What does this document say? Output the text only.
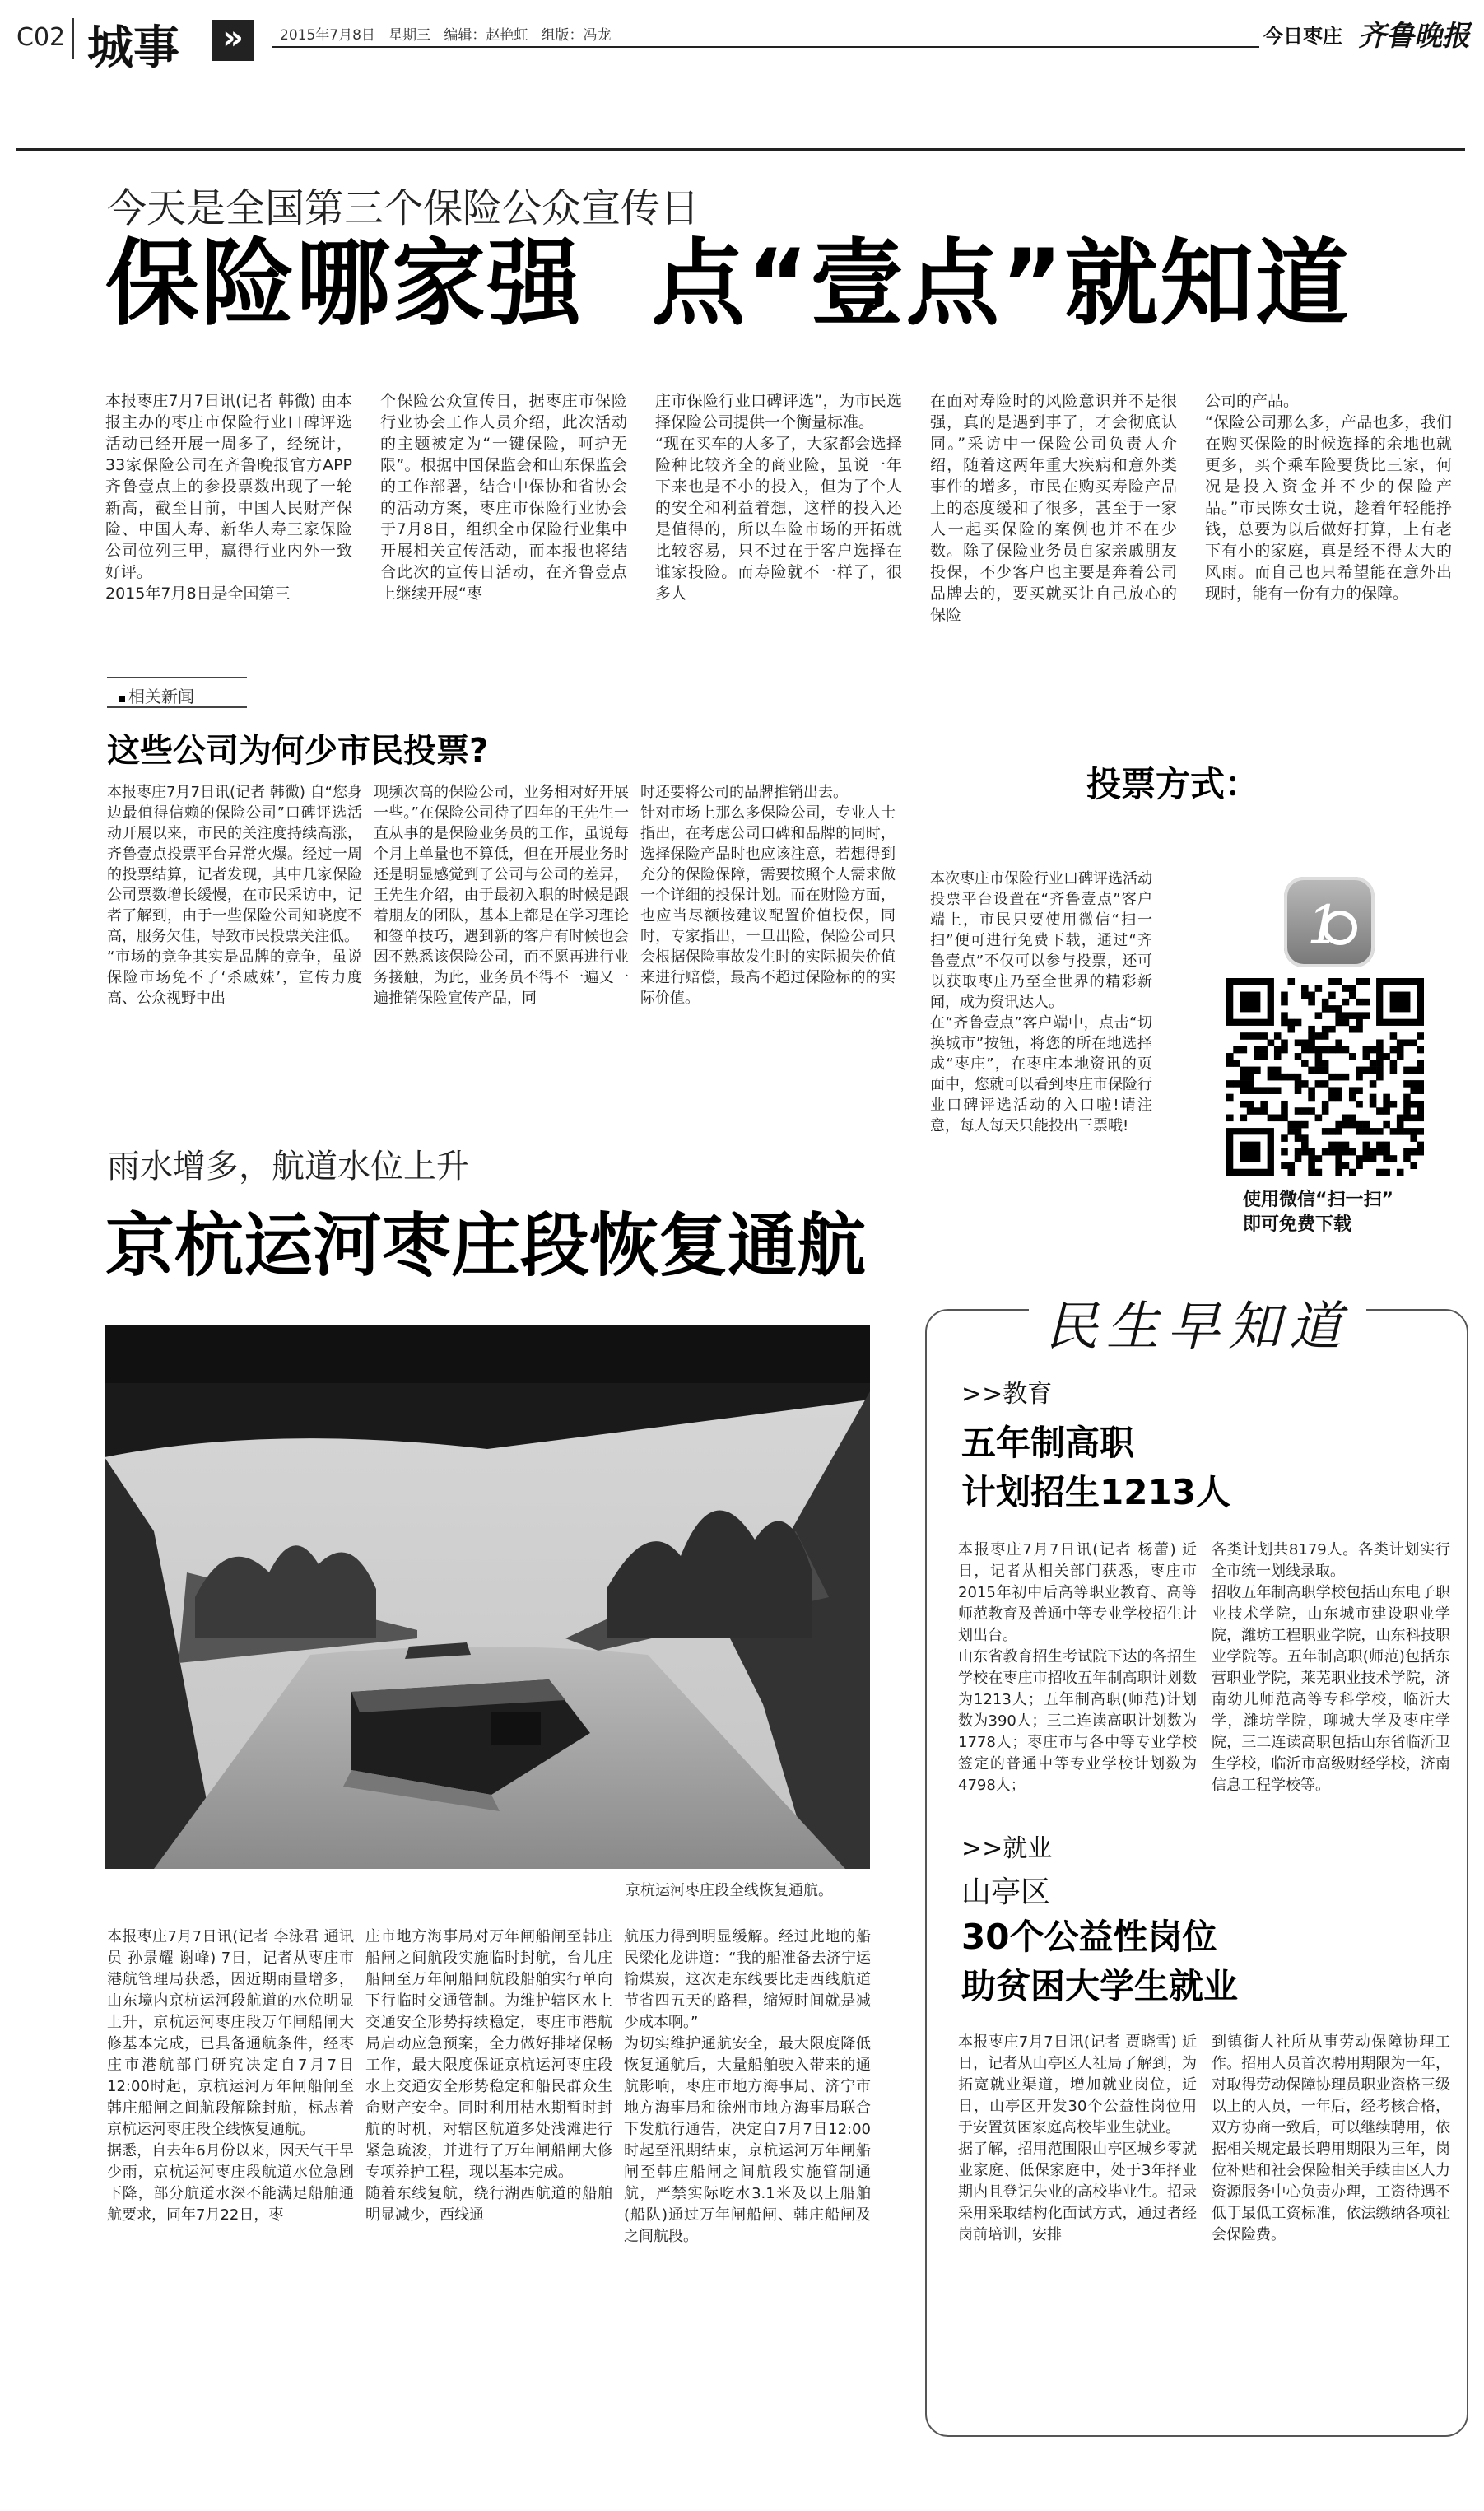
C02 城事	»	2015年7月8日   星期三   编辑：赵艳虹   组版：冯龙	今日枣庄 齐鲁晚报
今天是全国第三个保险公众宣传日
保险哪家强  点“壹点”就知道
本报枣庄7月7日讯(记者 韩微) 由本报主办的枣庄市保险行业口碑评选活动已经开展一周多了，经统计，33家保险公司在齐鲁晚报官方APP齐鲁壹点上的参投票数出现了一轮新高，截至目前，中国人民财产保险、中国人寿、新华人寿三家保险公司位列三甲，赢得行业内外一致好评。
2015年7月8日是全国第三
个保险公众宣传日，据枣庄市保险行业协会工作人员介绍，此次活动的主题被定为“一键保险，呵护无限”。根据中国保监会和山东保监会的工作部署，结合中保协和省协会的活动方案，枣庄市保险行业协会于7月8日，组织全市保险行业集中开展相关宣传活动，而本报也将结合此次的宣传日活动，在齐鲁壹点上继续开展“枣
庄市保险行业口碑评选”，为市民选择保险公司提供一个衡量标准。
“现在买车的人多了，大家都会选择险种比较齐全的商业险，虽说一年下来也是不小的投入，但为了个人的安全和利益着想，这样的投入还是值得的，所以车险市场的开拓就比较容易，只不过在于客户选择在谁家投险。而寿险就不一样了，很多人
在面对寿险时的风险意识并不是很强，真的是遇到事了，才会彻底认同。”采访中一保险公司负责人介绍，随着这两年重大疾病和意外类事件的增多，市民在购买寿险产品上的态度缓和了很多，甚至于一家人一起买保险的案例也并不在少数。除了保险业务员自家亲戚朋友投保，不少客户也主要是奔着公司品牌去的，要买就买让自己放心的保险
公司的产品。
“保险公司那么多，产品也多，我们在购买保险的时候选择的余地也就更多，买个乘车险要货比三家，何况是投入资金并不少的保险产品。”市民陈女士说，趁着年轻能挣钱，总要为以后做好打算，上有老下有小的家庭，真是经不得太大的风雨。而自己也只希望能在意外出现时，能有一份有力的保障。
相关新闻
这些公司为何少市民投票?
本报枣庄7月7日讯(记者 韩微) 自“您身边最值得信赖的保险公司”口碑评选活动开展以来，市民的关注度持续高涨，齐鲁壹点投票平台异常火爆。经过一周的投票结算，记者发现，其中几家保险公司票数增长缓慢，在市民采访中，记者了解到，由于一些保险公司知晓度不高，服务欠佳，导致市民投票关注低。
“市场的竞争其实是品牌的竞争，虽说保险市场免不了‘杀戚妹’，宣传力度高、公众视野中出
现频次高的保险公司，业务相对好开展一些。”在保险公司待了四年的王先生一直从事的是保险业务员的工作，虽说每个月上单量也不算低，但在开展业务时还是明显感觉到了公司与公司的差异，王先生介绍，由于最初入职的时候是跟着朋友的团队，基本上都是在学习理论和签单技巧，遇到新的客户有时候也会因不熟悉该保险公司，而不愿再进行业务接触，为此，业务员不得不一遍又一遍推销保险宣传产品，同
时还要将公司的品牌推销出去。
针对市场上那么多保险公司，专业人士指出，在考虑公司口碑和品牌的同时，选择保险产品时也应该注意，若想得到充分的保险保障，需要按照个人需求做一个详细的投保计划。而在财险方面，也应当尽额按建议配置价值投保，同时，专家指出，一旦出险，保险公司只会根据保险事故发生时的实际损失价值来进行赔偿，最高不超过保险标的的实际价值。
投票方式：
本次枣庄市保险行业口碑评选活动投票平台设置在“齐鲁壹点”客户端上，市民只要使用微信“扫一扫”便可进行免费下载，通过“齐鲁壹点”不仅可以参与投票，还可以获取枣庄乃至全世界的精彩新闻，成为资讯达人。
在“齐鲁壹点”客户端中，点击“切换城市”按钮，将您的所在地选择成“枣庄”，在枣庄本地资讯的页面中，您就可以看到枣庄市保险行业口碑评选活动的入口啦!请注意，每人每天只能投出三票哦!
1
使用微信“扫一扫”
即可免费下载
雨水增多，航道水位上升
京杭运河枣庄段恢复通航
京杭运河枣庄段全线恢复通航。
本报枣庄7月7日讯(记者 李泳君 通讯员 孙景耀 谢峰) 7日，记者从枣庄市港航管理局获悉，因近期雨量增多，山东境内京杭运河段航道的水位明显上升，京杭运河枣庄段万年闸船闸大修基本完成，已具备通航条件，经枣庄市港航部门研究决定自7月7日12:00时起，京杭运河万年闸船闸至韩庄船闸之间航段解除封航，标志着京杭运河枣庄段全线恢复通航。
据悉，自去年6月份以来，因天气干旱少雨，京杭运河枣庄段航道水位急剧下降，部分航道水深不能满足船舶通航要求，同年7月22日，枣
庄市地方海事局对万年闸船闸至韩庄船闸之间航段实施临时封航，台儿庄船闸至万年闸船闸航段船舶实行单向下行临时交通管制。为维护辖区水上交通安全形势持续稳定，枣庄市港航局启动应急预案，全力做好排堵保畅工作，最大限度保证京杭运河枣庄段水上交通安全形势稳定和船民群众生命财产安全。同时利用枯水期暂时封航的时机，对辖区航道多处浅滩进行紧急疏浚，并进行了万年闸船闸大修专项养护工程，现以基本完成。
随着东线复航，绕行湖西航道的船舶明显减少，西线通
航压力得到明显缓解。经过此地的船民梁化龙讲道：“我的船准备去济宁运输煤炭，这次走东线要比走西线航道节省四五天的路程，缩短时间就是减少成本啊。”
为切实维护通航安全，最大限度降低恢复通航后，大量船舶驶入带来的通航影响，枣庄市地方海事局、济宁市地方海事局和徐州市地方海事局联合下发航行通告，决定自7月7日12:00时起至汛期结束，京杭运河万年闸船闸至韩庄船闸之间航段实施管制通航，严禁实际吃水3.1米及以上船舶(船队)通过万年闸船闸、韩庄船闸及之间航段。
民生早知道
>>教育
五年制高职
计划招生1213人
本报枣庄7月7日讯(记者 杨蕾) 近日，记者从相关部门获悉，枣庄市2015年初中后高等职业教育、高等师范教育及普通中等专业学校招生计划出台。
山东省教育招生考试院下达的各招生学校在枣庄市招收五年制高职计划数为1213人；五年制高职(师范)计划数为390人；三二连读高职计划数为1778人；枣庄市与各中等专业学校签定的普通中等专业学校计划数为4798人；
各类计划共8179人。各类计划实行全市统一划线录取。
招收五年制高职学校包括山东电子职业技术学院，山东城市建设职业学院，潍坊工程职业学院，山东科技职业学院等。五年制高职(师范)包括东营职业学院，莱芜职业技术学院，济南幼儿师范高等专科学校，临沂大学，潍坊学院，聊城大学及枣庄学院，三二连读高职包括山东省临沂卫生学校，临沂市高级财经学校，济南信息工程学校等。
>>就业
山亭区
30个公益性岗位
助贫困大学生就业
本报枣庄7月7日讯(记者 贾晓雪) 近日，记者从山亭区人社局了解到，为拓宽就业渠道，增加就业岗位，近日，山亭区开发30个公益性岗位用于安置贫困家庭高校毕业生就业。
据了解，招用范围限山亭区城乡零就业家庭、低保家庭中，处于3年择业期内且登记失业的高校毕业生。招录采用采取结构化面试方式，通过者经岗前培训，安排
到镇街人社所从事劳动保障协理工作。招用人员首次聘用期限为一年，对取得劳动保障协理员职业资格三级以上的人员，一年后，经考核合格，双方协商一致后，可以继续聘用，依据相关规定最长聘用期限为三年，岗位补贴和社会保险相关手续由区人力资源服务中心负责办理，工资待遇不低于最低工资标准，依法缴纳各项社会保险费。
